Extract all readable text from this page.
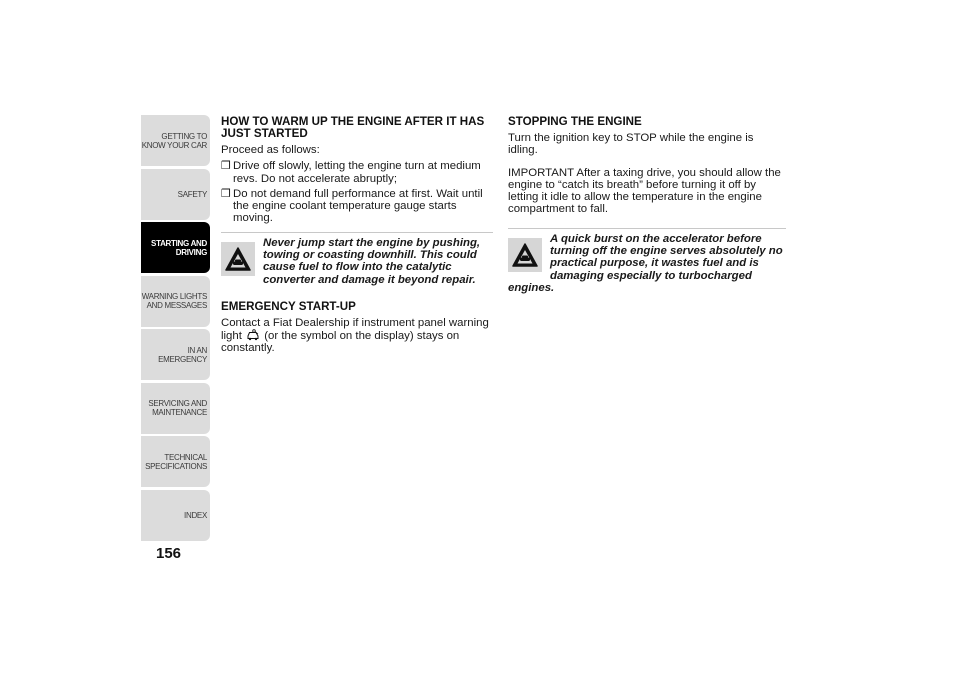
GETTING TO KNOW YOUR CAR
SAFETY
STARTING AND DRIVING
WARNING LIGHTS AND MESSAGES
IN AN EMERGENCY
SERVICING AND MAINTENANCE
TECHNICAL SPECIFICATIONS
INDEX
156
HOW TO WARM UP THE ENGINE AFTER IT HAS JUST STARTED

Proceed as follows:

❒ Drive off slowly, letting the engine turn at medium revs. Do not accelerate abruptly;
❒ Do not demand full performance at first. Wait until the engine coolant temperature gauge starts moving.
Never jump start the engine by pushing, towing or coasting downhill. This could cause fuel to flow into the catalytic converter and damage it beyond repair.
EMERGENCY START-UP

Contact a Fiat Dealership if instrument panel warning light (or the symbol on the display) stays on constantly.

STOPPING THE ENGINE

Turn the ignition key to STOP while the engine is idling.

IMPORTANT After a taxing drive, you should allow the engine to “catch its breath” before turning it off by letting it idle to allow the temperature in the engine compartment to fall.

A quick burst on the accelerator before turning off the engine serves absolutely no practical purpose, it wastes fuel and is damaging especially to turbocharged engines.
